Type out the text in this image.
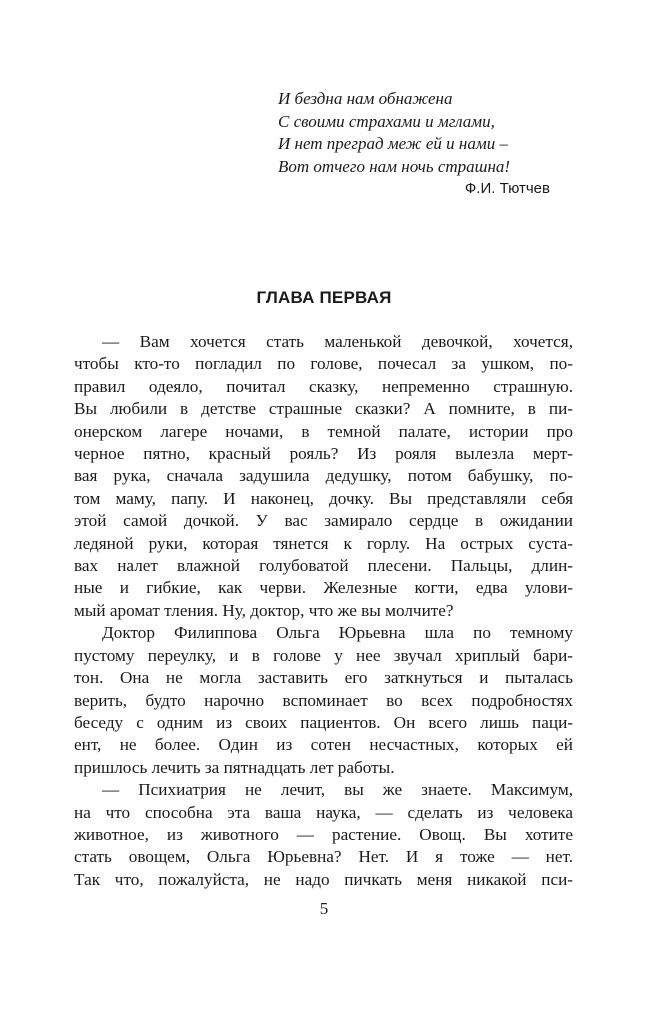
И бездна нам обнажена
С своими страхами и мглами,
И нет преград меж ей и нами –
Вот отчего нам ночь страшна!
Ф.И. Тютчев
ГЛАВА ПЕРВАЯ

— Вам хочется стать маленькой девочкой, хочется,
чтобы кто-то погладил по голове, почесал за ушком, по-
правил одеяло, почитал сказку, непременно страшную.
Вы любили в детстве страшные сказки? А помните, в пи-
онерском лагере ночами, в темной палате, истории про
черное пятно, красный рояль? Из рояля вылезла мерт-
вая рука, сначала задушила дедушку, потом бабушку, по-
том маму, папу. И наконец, дочку. Вы представляли себя
этой самой дочкой. У вас замирало сердце в ожидании
ледяной руки, которая тянется к горлу. На острых суста-
вах налет влажной голубоватой плесени. Пальцы, длин-
ные и гибкие, как черви. Железные когти, едва улови-
мый аромат тления. Ну, доктор, что же вы молчите?

Доктор Филиппова Ольга Юрьевна шла по темному
пустому переулку, и в голове у нее звучал хриплый бари-
тон. Она не могла заставить его заткнуться и пыталась
верить, будто нарочно вспоминает во всех подробностях
беседу с одним из своих пациентов. Он всего лишь паци-
ент, не более. Один из сотен несчастных, которых ей
пришлось лечить за пятнадцать лет работы.

— Психиатрия не лечит, вы же знаете. Максимум,
на что способна эта ваша наука, — сделать из человека
животное, из животного — растение. Овощ. Вы хотите
стать овощем, Ольга Юрьевна? Нет. И я тоже — нет.
Так что, пожалуйста, не надо пичкать меня никакой пси-

5
